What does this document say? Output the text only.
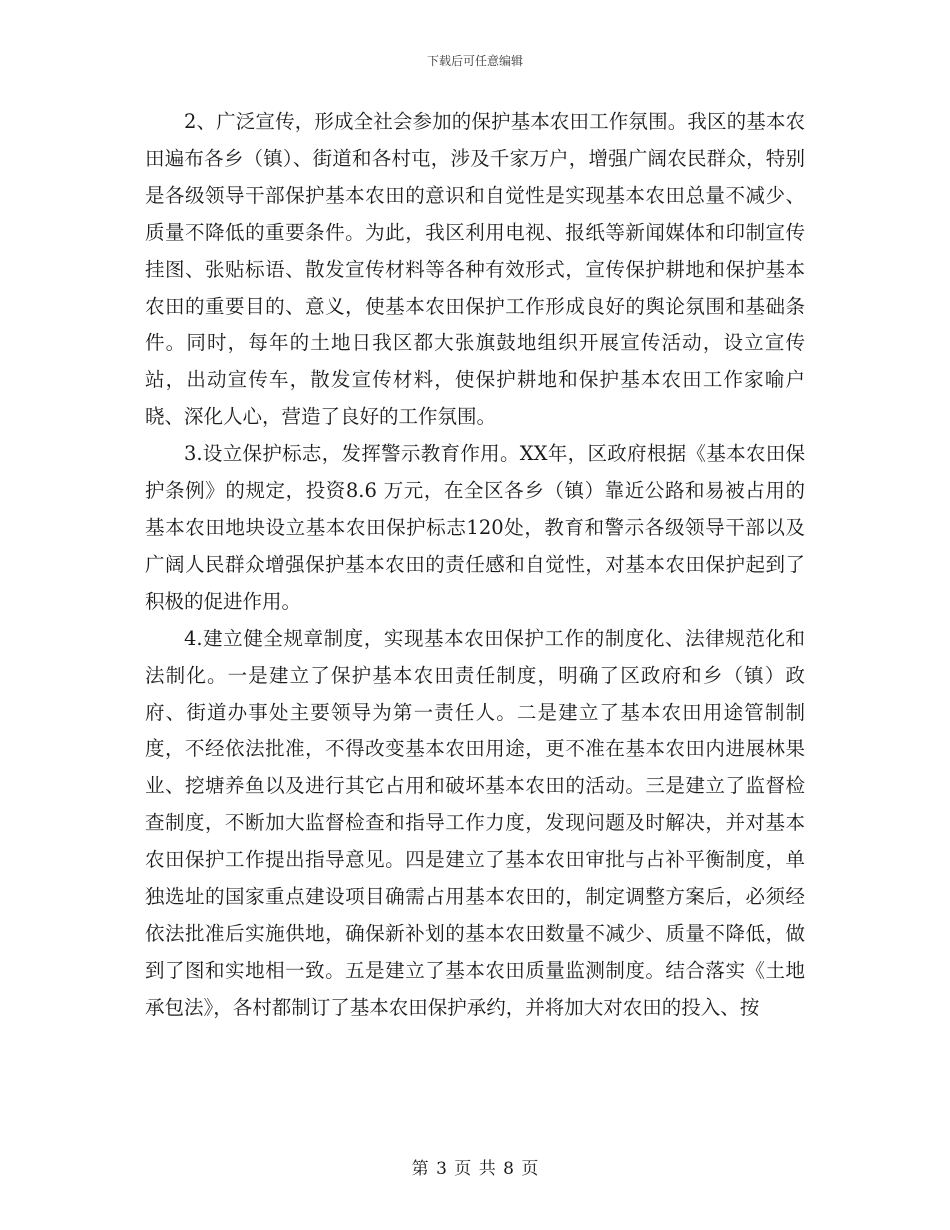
下载后可任意编辑

2、广泛宣传，形成全社会参加的保护基本农田工作氛围。我区的基本农田遍布各乡（镇）、街道和各村屯，涉及千家万户，增强广阔农民群众，特别是各级领导干部保护基本农田的意识和自觉性是实现基本农田总量不减少、质量不降低的重要条件。为此，我区利用电视、报纸等新闻媒体和印制宣传挂图、张贴标语、散发宣传材料等各种有效形式，宣传保护耕地和保护基本农田的重要目的、意义，使基本农田保护工作形成良好的舆论氛围和基础条件。同时，每年的土地日我区都大张旗鼓地组织开展宣传活动，设立宣传站，出动宣传车，散发宣传材料，使保护耕地和保护基本农田工作家喻户晓、深化人心，营造了良好的工作氛围。

3.设立保护标志，发挥警示教育作用。XX年，区政府根据《基本农田保护条例》的规定，投资8.6 万元，在全区各乡（镇）靠近公路和易被占用的基本农田地块设立基本农田保护标志120处，教育和警示各级领导干部以及广阔人民群众增强保护基本农田的责任感和自觉性，对基本农田保护起到了积极的促进作用。

4.建立健全规章制度，实现基本农田保护工作的制度化、法律规范化和法制化。一是建立了保护基本农田责任制度，明确了区政府和乡（镇）政府、街道办事处主要领导为第一责任人。二是建立了基本农田用途管制制度，不经依法批准，不得改变基本农田用途，更不准在基本农田内进展林果业、挖塘养鱼以及进行其它占用和破坏基本农田的活动。三是建立了监督检查制度，不断加大监督检查和指导工作力度，发现问题及时解决，并对基本农田保护工作提出指导意见。四是建立了基本农田审批与占补平衡制度，单独选址的国家重点建设项目确需占用基本农田的，制定调整方案后，必须经依法批准后实施供地，确保新补划的基本农田数量不减少、质量不降低，做到了图和实地相一致。五是建立了基本农田质量监测制度。结合落实《土地承包法》，各村都制订了基本农田保护承约，并将加大对农田的投入、按

第 3 页 共 8 页
